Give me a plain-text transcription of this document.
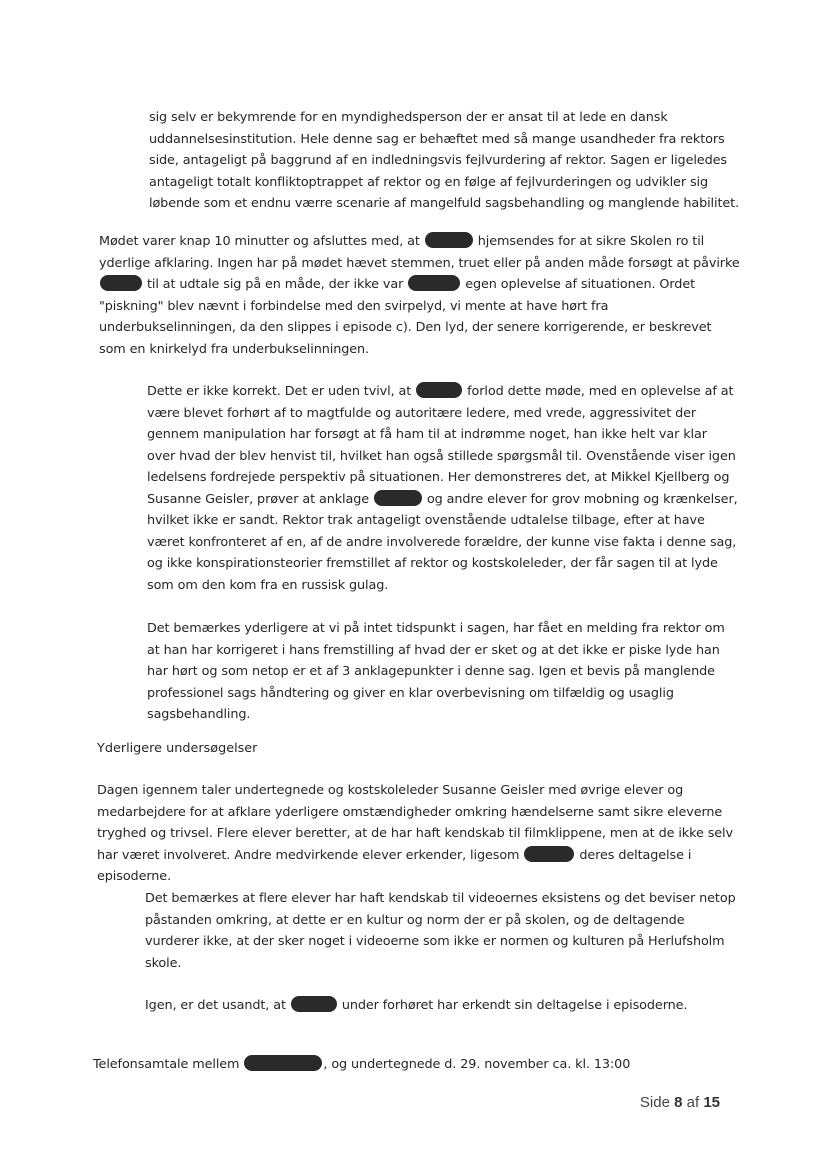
sig selv er bekymrende for en myndighedsperson der er ansat til at lede en dansk
uddannelsesinstitution. Hele denne sag er behæftet med så mange usandheder fra rektors
side, antageligt på baggrund af en indledningsvis fejlvurdering af rektor. Sagen er ligeledes
antageligt totalt konfliktoptrappet af rektor og en følge af fejlvurderingen og udvikler sig
løbende som et endnu værre scenarie af mangelfuld sagsbehandling og manglende habilitet.
Mødet varer knap 10 minutter og afsluttes med, at	hjemsendes for at sikre Skolen ro til
yderlige afklaring. Ingen har på mødet hævet stemmen, truet eller på anden måde forsøgt at påvirke
til at udtale sig på en måde, der ikke var	egen oplevelse af situationen. Ordet
"piskning" blev nævnt i forbindelse med den svirpelyd, vi mente at have hørt fra
underbukselinningen, da den slippes i episode c). Den lyd, der senere korrigerende, er beskrevet
som en knirkelyd fra underbukselinningen.
Dette er ikke korrekt. Det er uden tvivl, at	forlod dette møde, med en oplevelse af at
være blevet forhørt af to magtfulde og autoritære ledere, med vrede, aggressivitet der
gennem manipulation har forsøgt at få ham til at indrømme noget, han ikke helt var klar
over hvad der blev henvist til, hvilket han også stillede spørgsmål til. Ovenstående viser igen
ledelsens fordrejede perspektiv på situationen. Her demonstreres det, at Mikkel Kjellberg og
Susanne Geisler, prøver at anklage	og andre elever for grov mobning og krænkelser,
hvilket ikke er sandt. Rektor trak antageligt ovenstående udtalelse tilbage, efter at have
været konfronteret af en, af de andre involverede forældre, der kunne vise fakta i denne sag,
og ikke konspirationsteorier fremstillet af rektor og kostskoleleder, der får sagen til at lyde
som om den kom fra en russisk gulag.
Det bemærkes yderligere at vi på intet tidspunkt i sagen, har fået en melding fra rektor om
at han har korrigeret i hans fremstilling af hvad der er sket og at det ikke er piske lyde han
har hørt og som netop er et af 3 anklagepunkter i denne sag. Igen et bevis på manglende
professionel sags håndtering og giver en klar overbevisning om tilfældig og usaglig
sagsbehandling.
Yderligere undersøgelser
Dagen igennem taler undertegnede og kostskoleleder Susanne Geisler med øvrige elever og
medarbejdere for at afklare yderligere omstændigheder omkring hændelserne samt sikre eleverne
tryghed og trivsel. Flere elever beretter, at de har haft kendskab til filmklippene, men at de ikke selv
har været involveret. Andre medvirkende elever erkender, ligesom	deres deltagelse i
episoderne.
Det bemærkes at flere elever har haft kendskab til videoernes eksistens og det beviser netop
påstanden omkring, at dette er en kultur og norm der er på skolen, og de deltagende
vurderer ikke, at der sker noget i videoerne som ikke er normen og kulturen på Herlufsholm
skole.
Igen, er det usandt, at	under forhøret har erkendt sin deltagelse i episoderne.
Telefonsamtale mellem	, og undertegnede d. 29. november ca. kl. 13:00
Side 8 af 15
